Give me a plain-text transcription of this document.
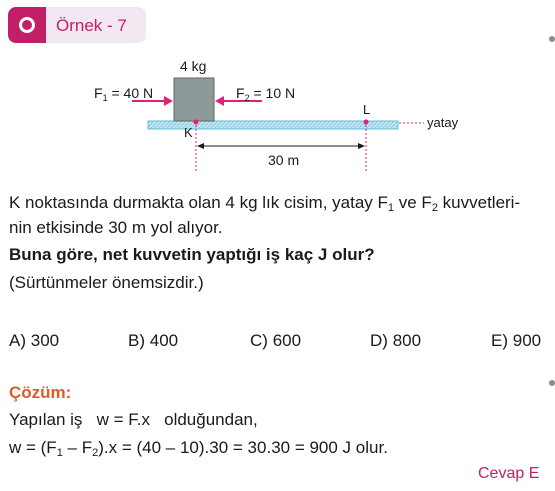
Örnek - 7
4 kg
$F_1 = 40$ N	$F_2 = 10$ N
K
L
yatay
30 m
K noktasında durmakta olan 4 kg lık cisim, yatay $F_1$ ve $F_2$ kuvvetleri-
nin etkisinde 30 m yol alıyor.
Buna göre, net kuvvetin yaptığı iş kaç J olur?
(Sürtünmeler önemsizdir.)
A) 300	B) 400	C) 600	D) 800	E) 900
Çözüm:
Yapılan iş w = F.x olduğundan,
$w = (F_1 - F_2).x = (40 - 10).30 = 30.30 = 900$ J olur.
Cevap E
